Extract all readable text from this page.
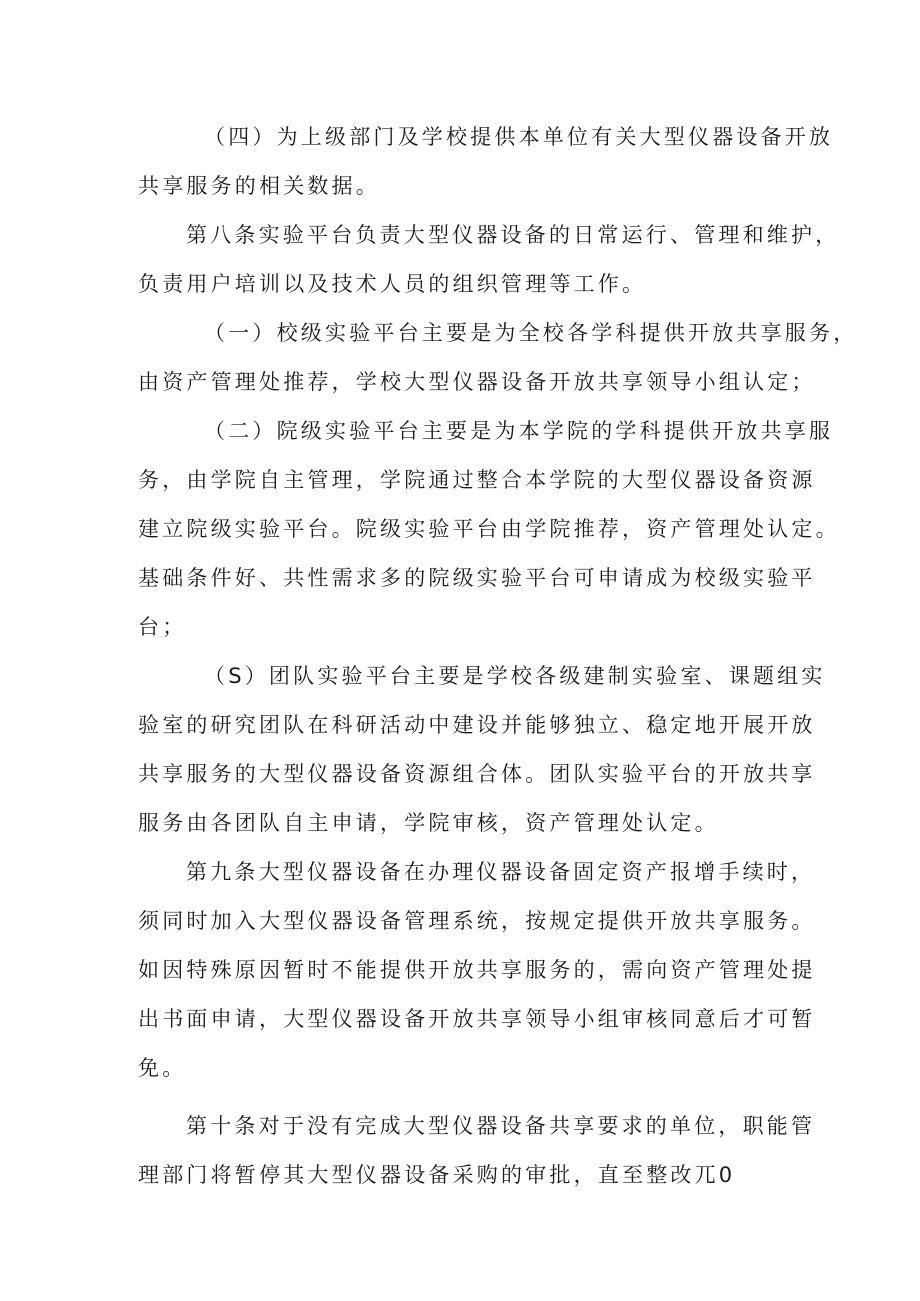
（四）为上级部门及学校提供本单位有关大型仪器设备开放
共享服务的相关数据。
第八条实验平台负责大型仪器设备的日常运行、管理和维护，
负责用户培训以及技术人员的组织管理等工作。
（一）校级实验平台主要是为全校各学科提供开放共享服务，
由资产管理处推荐，学校大型仪器设备开放共享领导小组认定；
（二）院级实验平台主要是为本学院的学科提供开放共享服
务，由学院自主管理，学院通过整合本学院的大型仪器设备资源
建立院级实验平台。院级实验平台由学院推荐，资产管理处认定。
基础条件好、共性需求多的院级实验平台可申请成为校级实验平
台；
（S）团队实验平台主要是学校各级建制实验室、课题组实
验室的研究团队在科研活动中建设并能够独立、稳定地开展开放
共享服务的大型仪器设备资源组合体。团队实验平台的开放共享
服务由各团队自主申请，学院审核，资产管理处认定。
第九条大型仪器设备在办理仪器设备固定资产报增手续时，
须同时加入大型仪器设备管理系统，按规定提供开放共享服务。
如因特殊原因暂时不能提供开放共享服务的，需向资产管理处提
出书面申请，大型仪器设备开放共享领导小组审核同意后才可暂
免。
第十条对于没有完成大型仪器设备共享要求的单位，职能管
理部门将暂停其大型仪器设备采购的审批，直至整改兀0
